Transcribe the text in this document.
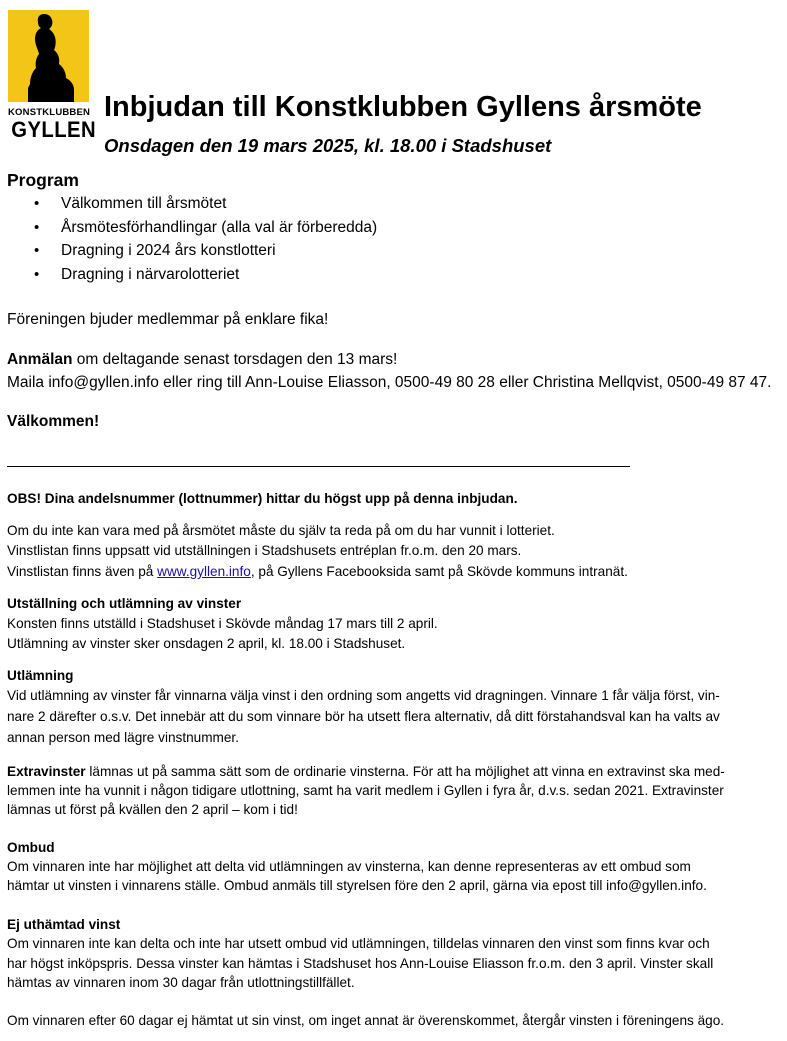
KONSTKLUBBEN
GYLLEN
Inbjudan till Konstklubben Gyllens årsmöte

Onsdagen den 19 mars 2025, kl. 18.00 i Stadshuset

Program
• Välkommen till årsmötet
• Årsmötesförhandlingar (alla val är förberedda)
• Dragning i 2024 års konstlotteri
• Dragning i närvarolotteriet

Föreningen bjuder medlemmar på enklare fika!

Anmälan om deltagande senast torsdagen den 13 mars!

Maila info@gyllen.info eller ring till Ann-Louise Eliasson, 0500-49 80 28 eller Christina Mellqvist, 0500-49 87 47.

Välkommen!

OBS! Dina andelsnummer (lottnummer) hittar du högst upp på denna inbjudan.

Om du inte kan vara med på årsmötet måste du själv ta reda på om du har vunnit i lotteriet.

Vinstlistan finns uppsatt vid utställningen i Stadshusets entréplan fr.o.m. den 20 mars.

Vinstlistan finns även på www.gyllen.info, på Gyllens Facebooksida samt på Skövde kommuns intranät.

Utställning och utlämning av vinster

Konsten finns utställd i Stadshuset i Skövde måndag 17 mars till 2 april.

Utlämning av vinster sker onsdagen 2 april, kl. 18.00 i Stadshuset.

Utlämning

Vid utlämning av vinster får vinnarna välja vinst i den ordning som angetts vid dragningen. Vinnare 1 får välja först, vin-

nare 2 därefter o.s.v. Det innebär att du som vinnare bör ha utsett flera alternativ, då ditt förstahandsval kan ha valts av

annan person med lägre vinstnummer.

Extravinster lämnas ut på samma sätt som de ordinarie vinsterna. För att ha möjlighet att vinna en extravinst ska med-

lemmen inte ha vunnit i någon tidigare utlottning, samt ha varit medlem i Gyllen i fyra år, d.v.s. sedan 2021. Extravinster

lämnas ut först på kvällen den 2 april – kom i tid!

Ombud

Om vinnaren inte har möjlighet att delta vid utlämningen av vinsterna, kan denne representeras av ett ombud som

hämtar ut vinsten i vinnarens ställe. Ombud anmäls till styrelsen före den 2 april, gärna via epost till info@gyllen.info.

Ej uthämtad vinst

Om vinnaren inte kan delta och inte har utsett ombud vid utlämningen, tilldelas vinnaren den vinst som finns kvar och

har högst inköpspris. Dessa vinster kan hämtas i Stadshuset hos Ann-Louise Eliasson fr.o.m. den 3 april. Vinster skall

hämtas av vinnaren inom 30 dagar från utlottningstillfället.

Om vinnaren efter 60 dagar ej hämtat ut sin vinst, om inget annat är överenskommet, återgår vinsten i föreningens ägo.
